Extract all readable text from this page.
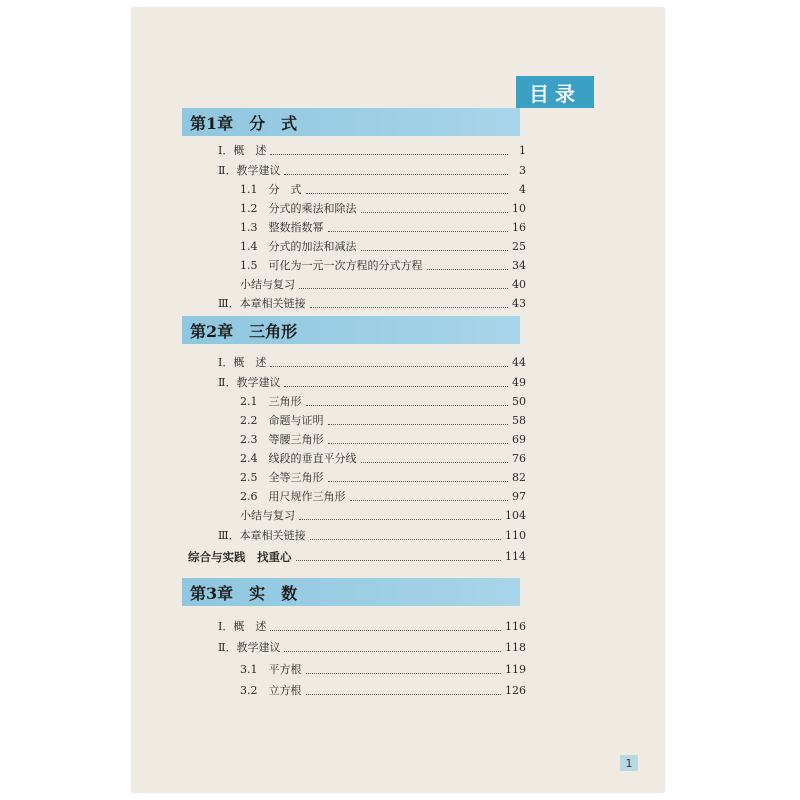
目录
第1章　分　式
Ⅰ．概　述	1
Ⅱ．教学建议	3
1.1　分　式	4
1.2　分式的乘法和除法	10
1.3　整数指数幂	16
1.4　分式的加法和减法	25
1.5　可化为一元一次方程的分式方程	34
小结与复习	40
Ⅲ．本章相关链接	43
第2章　三角形
Ⅰ．概　述	44
Ⅱ．教学建议	49
2.1　三角形	50
2.2　命题与证明	58
2.3　等腰三角形	69
2.4　线段的垂直平分线	76
2.5　全等三角形	82
2.6　用尺规作三角形	97
小结与复习	104
Ⅲ．本章相关链接	110
综合与实践　找重心	114
第3章　实　数
Ⅰ．概　述	116
Ⅱ．教学建议	118
3.1　平方根	119
3.2　立方根	126
1
